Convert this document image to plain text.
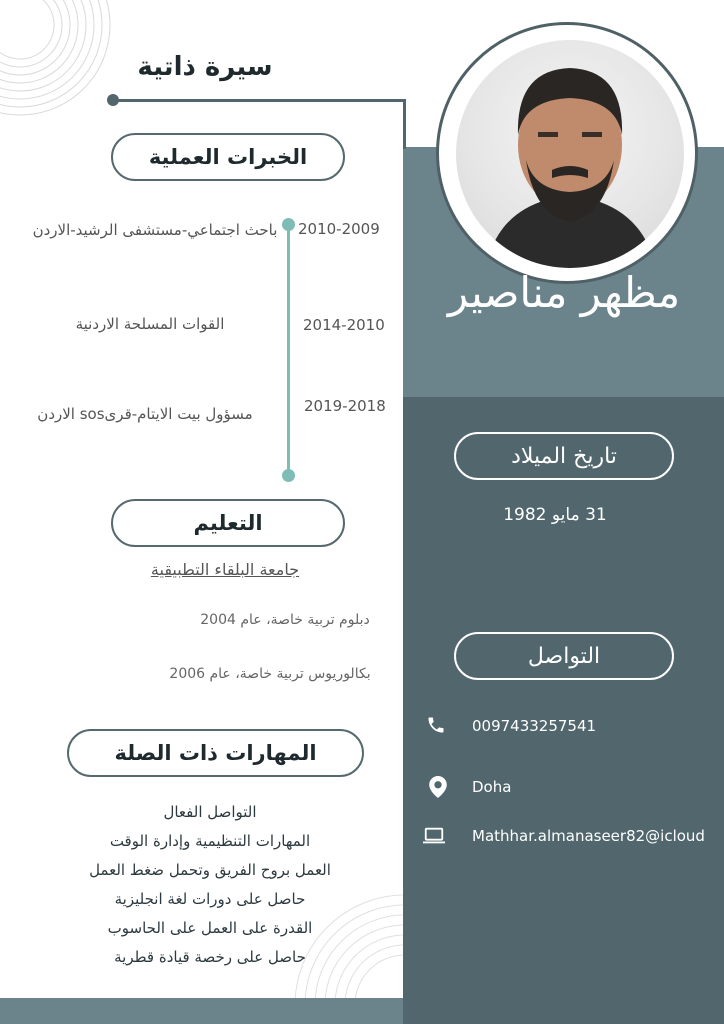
مظهر مناصير
سيرة ذاتية
الخبرات العملية
2010-2009
باحث اجتماعي-مستشفى الرشيد-الاردن
2014-2010
القوات المسلحة الاردنية
2019-2018
مسؤول بيت الايتام-قرىsos الاردن
التعليم
جامعة البلقاء التطبيقية
دبلوم تربية خاصة، عام 2004
بكالوريوس تربية خاصة، عام 2006
المهارات ذات الصلة
التواصل الفعال
المهارات التنظيمية وإدارة الوقت
العمل بروح الفريق وتحمل ضغط العمل
حاصل على دورات لغة انجليزية
القدرة على العمل على الحاسوب
حاصل على رخصة قيادة قطرية
تاريخ الميلاد
31 مايو 1982
التواصل
0097433257541
Doha
Mathhar.almanaseer82@icloud
